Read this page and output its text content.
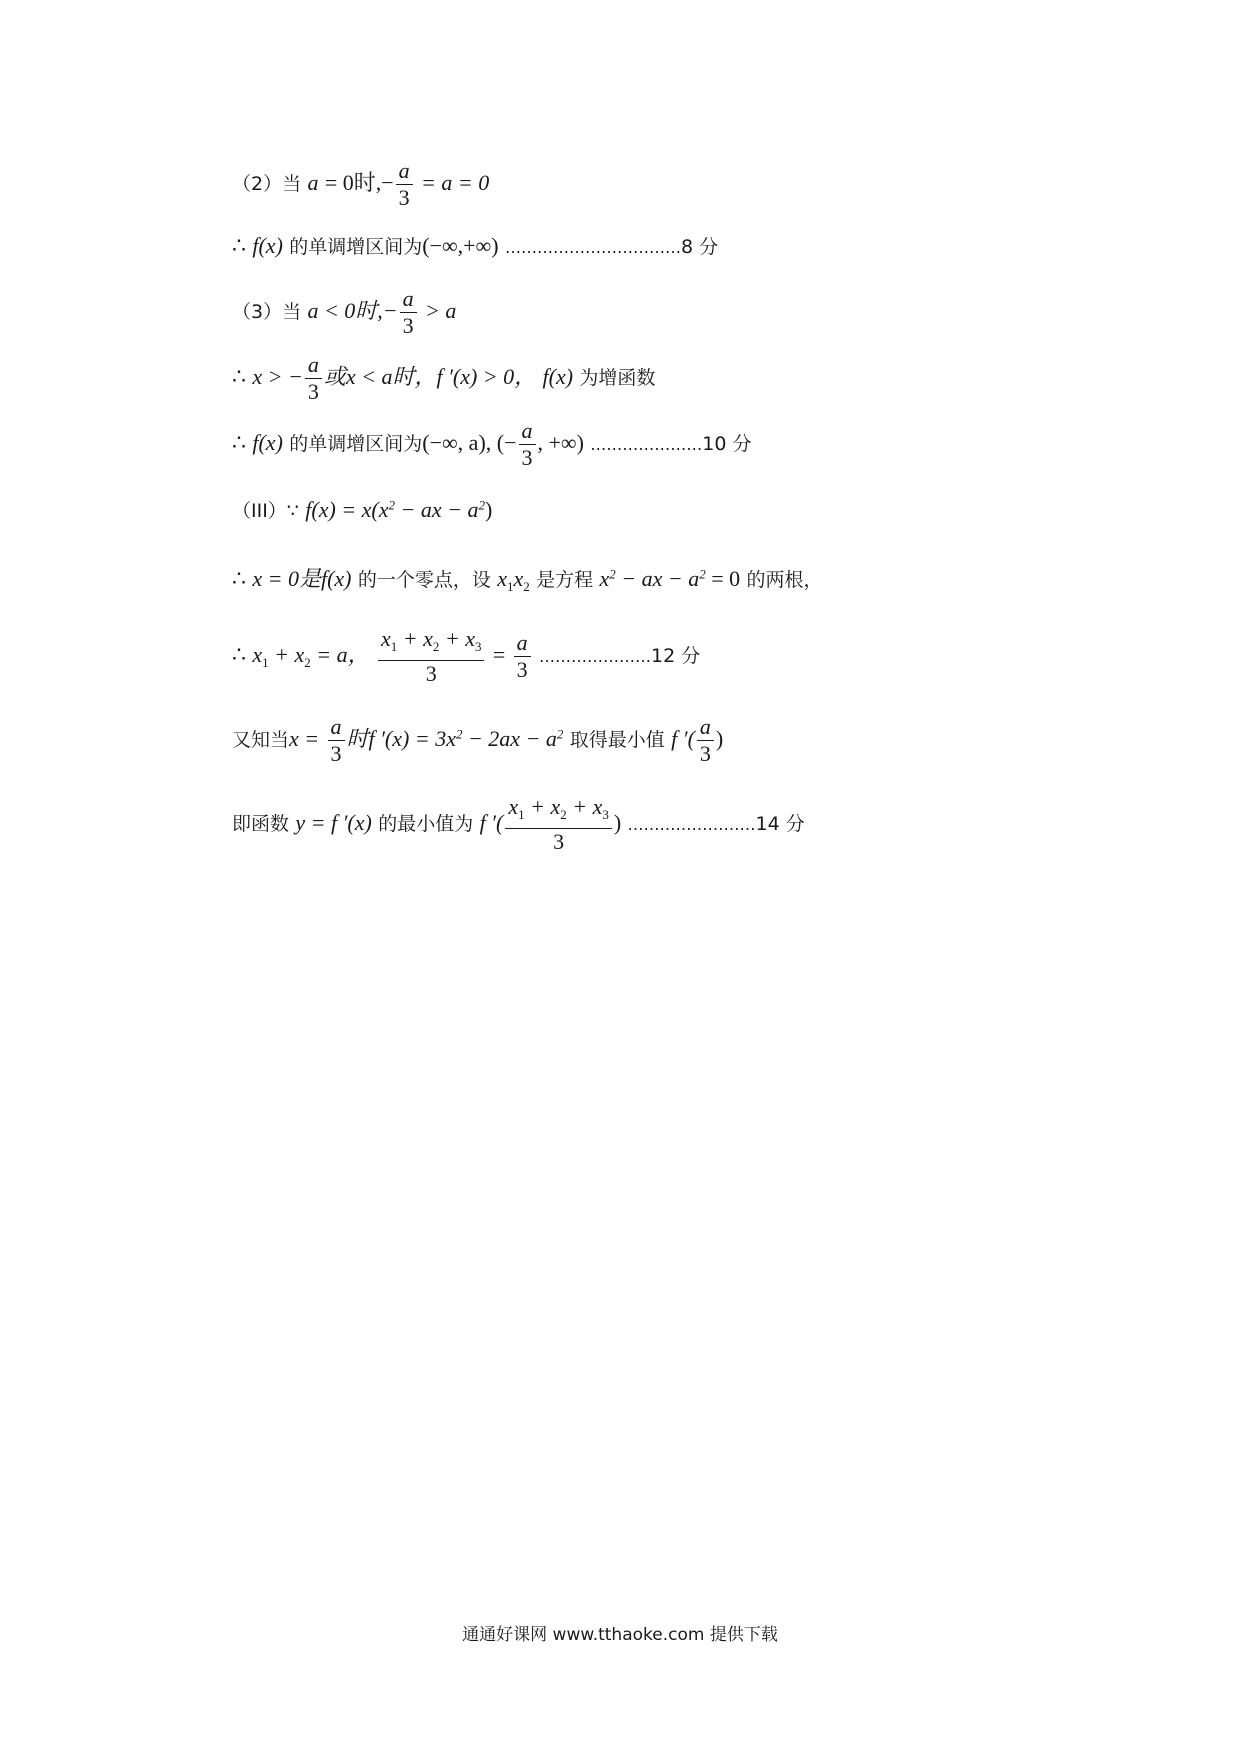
（2）当 a = 0时,− $\frac{a}{3} = a = 0$
∴ f(x) 的单调增区间为(−∞,+∞) ……………………………8 分
（3）当 a < 0时,− $\frac{a}{3} > a$
∴ x > − $\frac{a}{3}$ 或x < a时，f ′(x) > 0， f(x) 为增函数
∴ f(x) 的单调增区间为(−∞, a), (− $\frac{a}{3}$ , +∞) …………………10 分
（III）∵ $f(x) = x(x^2$ − ax − $a^2$)
∴ x = 0是f(x) 的一个零点，设 $x_1x_2$ 是方程 $x^2$ − ax − $a^2 = 0$ 的两根，
∴ $x_1 + x_2 = a$， $\frac{x_1 + x_2 + x_3}{3} = \frac{a}{3}$ …………………12 分
又知当$x = \frac{a}{3}$ 时f $'(x) = 3x^2 - 2ax - a^2$ 取得最小值 f ′( $\frac{a}{3}$ )
即函数 y = f ′(x) 的最小值为 f ′( $\frac{x_1 + x_2 + x_3}{3}$ ) ……………………14 分
通通好课网 www.tthaoke.com 提供下载
